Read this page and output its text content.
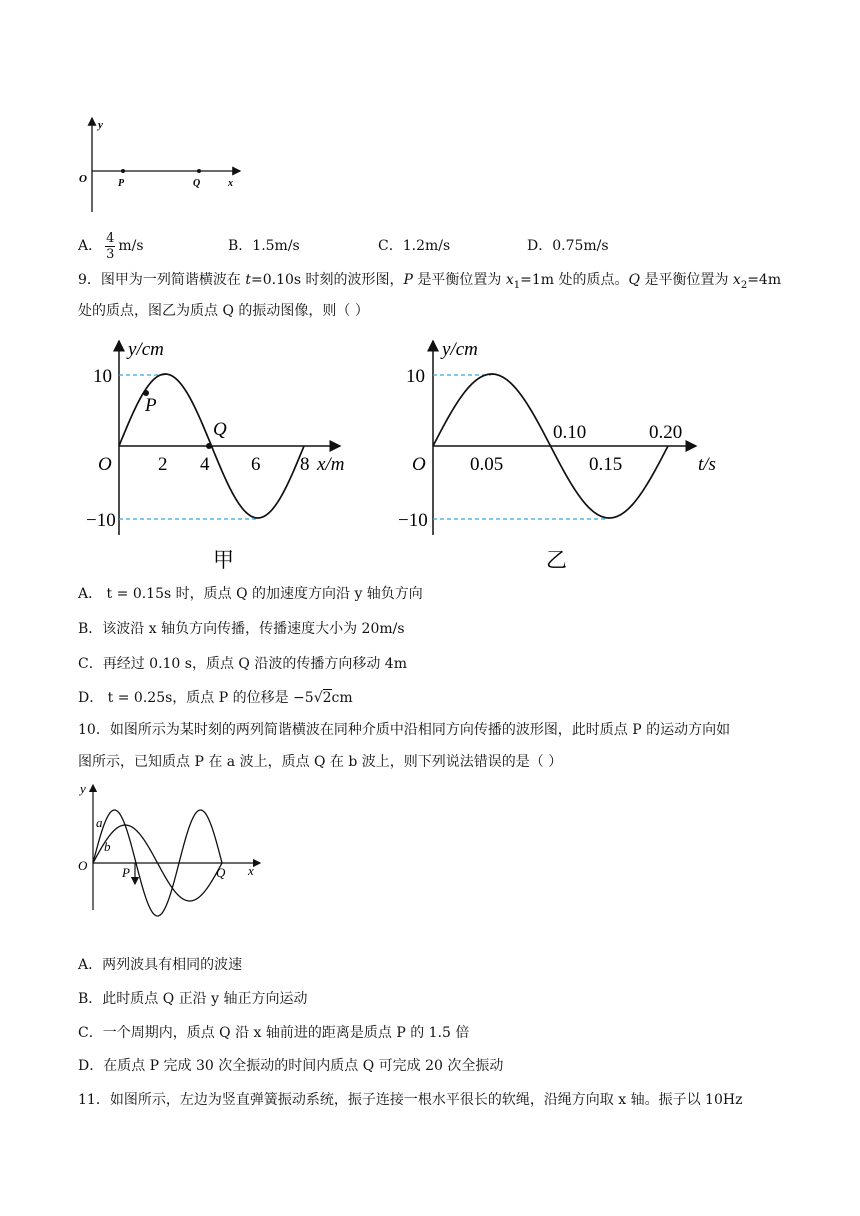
y
O	P	Q	x
A． $\frac{4}{3} m/s$	B．1.5m/s	C．1.2m/s	D．0.75m/s
9．图甲为一列简谐横波在 t=0.10s 时刻的波形图，P 是平衡位置为 $x_1=1m$ 处的质点。Q 是平衡位置为 $x_2=4m$
处的质点，图乙为质点 Q 的振动图像，则（ ）
y/cm
10
−10
P
Q
O 2 4 6 8 x/m
甲
y/cm
10
−10
O 0.05	0.15
0.10	0.20
t/s
乙
A． t = 0.15s 时，质点 Q 的加速度方向沿 y 轴负方向
B．该波沿 x 轴负方向传播，传播速度大小为 20m/s
C．再经过 0.10 s，质点 Q 沿波的传播方向移动 4m
D． t = 0.25s，质点 P 的位移是 −5√2cm
10．如图所示为某时刻的两列简谐横波在同种介质中沿相同方向传播的波形图，此时质点 P 的运动方向如
图所示，已知质点 P 在 a 波上，质点 Q 在 b 波上，则下列说法错误的是（ ）
y
O
a
b
P	Q x
A．两列波具有相同的波速
B．此时质点 Q 正沿 y 轴正方向运动
C．一个周期内，质点 Q 沿 x 轴前进的距离是质点 P 的 1.5 倍
D．在质点 P 完成 30 次全振动的时间内质点 Q 可完成 20 次全振动
11．如图所示，左边为竖直弹簧振动系统，振子连接一根水平很长的软绳，沿绳方向取 x 轴。振子以 10Hz
